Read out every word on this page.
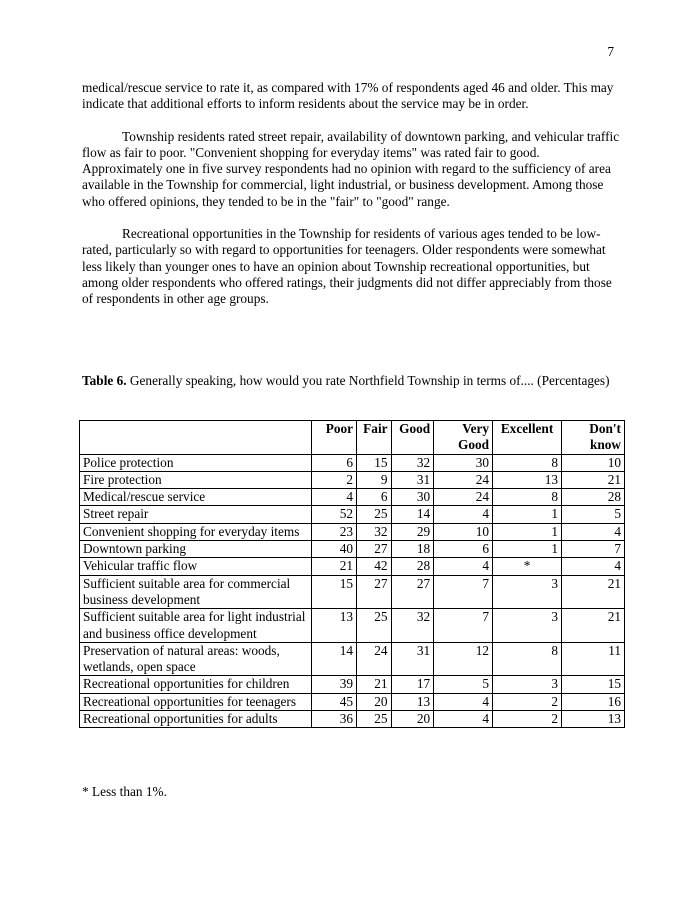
7

medical/rescue service to rate it, as compared with 17% of respondents aged 46 and older. This may indicate that additional efforts to inform residents about the service may be in order.

Township residents rated street repair, availability of downtown parking, and vehicular traffic flow as fair to poor. "Convenient shopping for everyday items" was rated fair to good. Approximately one in five survey respondents had no opinion with regard to the sufficiency of area available in the Township for commercial, light industrial, or business development. Among those who offered opinions, they tended to be in the "fair" to "good" range.

Recreational opportunities in the Township for residents of various ages tended to be low-rated, particularly so with regard to opportunities for teenagers. Older respondents were somewhat less likely than younger ones to have an opinion about Township recreational opportunities, but among older respondents who offered ratings, their judgments did not differ appreciably from those of respondents in other age groups.

Table 6. Generally speaking, how would you rate Northfield Township in terms of.... (Percentages)
	Poor	Fair	Good	Very Good	Excellent	Don't know
Police protection	6	15	32	30	8	10
Fire protection	2	9	31	24	13	21
Medical/rescue service	4	6	30	24	8	28
Street repair	52	25	14	4	1	5
Convenient shopping for everyday items	23	32	29	10	1	4
Downtown parking	40	27	18	6	1	7
Vehicular traffic flow	21	42	28	4	*	4
Sufficient suitable area for commercial business development	15	27	27	7	3	21
Sufficient suitable area for light industrial and business office development	13	25	32	7	3	21
Preservation of natural areas: woods, wetlands, open space	14	24	31	12	8	11
Recreational opportunities for children	39	21	17	5	3	15
Recreational opportunities for teenagers	45	20	13	4	2	16
Recreational opportunities for adults	36	25	20	4	2	13
* Less than 1%.
